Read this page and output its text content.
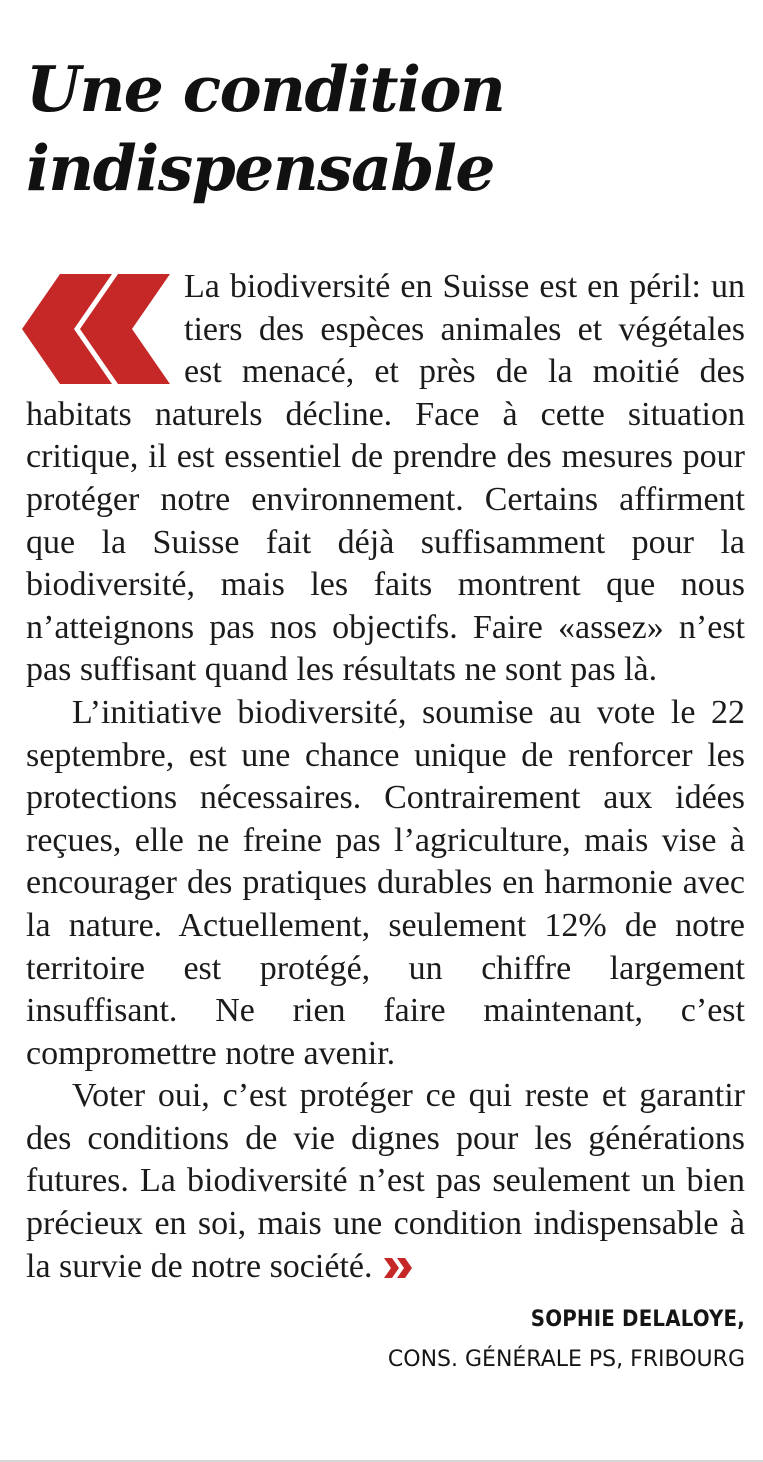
Une condition
indispensable

La biodiversité en Suisse est en péril: un tiers des espèces animales et végétales est menacé, et près de la moitié des habitats naturels décline. Face à cette situation critique, il est essentiel de prendre des mesures pour protéger notre environnement. Certains affirment que la Suisse fait déjà suffisamment pour la biodiversité, mais les faits montrent que nous n’atteignons pas nos objectifs. Faire «assez» n’est pas suffisant quand les résultats ne sont pas là.

L’initiative biodiversité, soumise au vote le 22 septembre, est une chance unique de renforcer les protections nécessaires. Contrairement aux idées reçues, elle ne freine pas l’agriculture, mais vise à encourager des pratiques durables en harmonie avec la nature. Actuellement, seulement 12% de notre territoire est protégé, un chiffre largement insuffisant. Ne rien faire maintenant, c’est compromettre notre avenir.

Voter oui, c’est protéger ce qui reste et garantir des conditions de vie dignes pour les générations futures. La biodiversité n’est pas seulement un bien précieux en soi, mais une condition indispensable à la survie de notre société.

SOPHIE DELALOYE,
CONS. GÉNÉRALE PS, FRIBOURG
